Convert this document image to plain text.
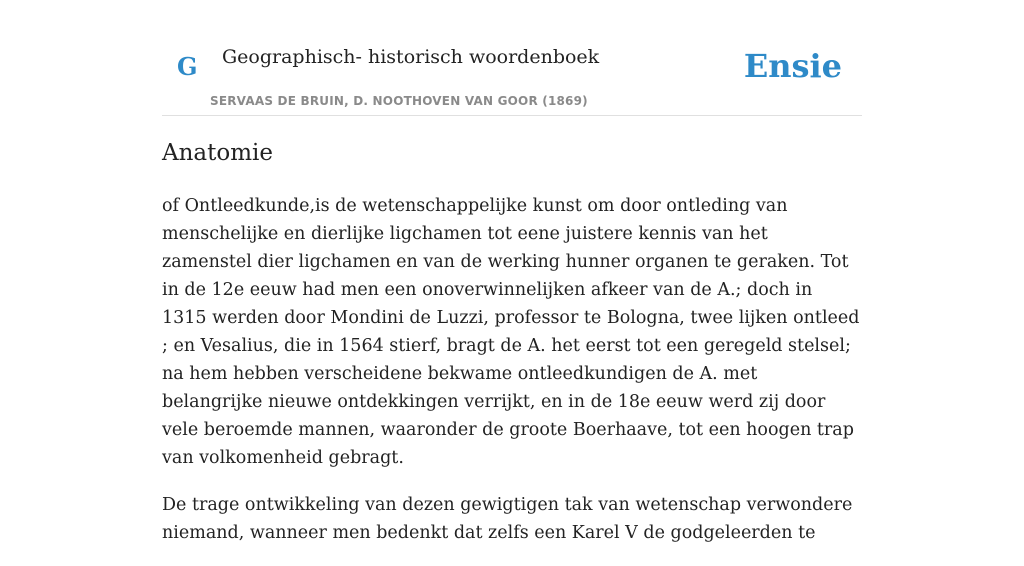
G Geographisch- historisch woordenboek
SERVAAS DE BRUIN, D. NOOTHOVEN VAN GOOR (1869)
Ensie
Anatomie

of Ontleedkunde,is de wetenschappelijke kunst om door ontleding van menschelijke en dierlijke ligchamen tot eene juistere kennis van het zamenstel dier ligchamen en van de werking hunner organen te geraken. Tot in de 12e eeuw had men een onoverwinnelijken afkeer van de A.; doch in 1315 werden door Mondini de Luzzi, professor te Bologna, twee lijken ontleed ; en Vesalius, die in 1564 stierf, bragt de A. het eerst tot een geregeld stelsel; na hem hebben verscheidene bekwame ontleedkundigen de A. met belangrijke nieuwe ontdekkingen verrijkt, en in de 18e eeuw werd zij door vele beroemde mannen, waaronder de groote Boerhaave, tot een hoogen trap van volkomenheid gebragt.

De trage ontwikkeling van dezen gewigtigen tak van wetenschap verwondere niemand, wanneer men bedenkt dat zelfs een Karel V de godgeleerden te
